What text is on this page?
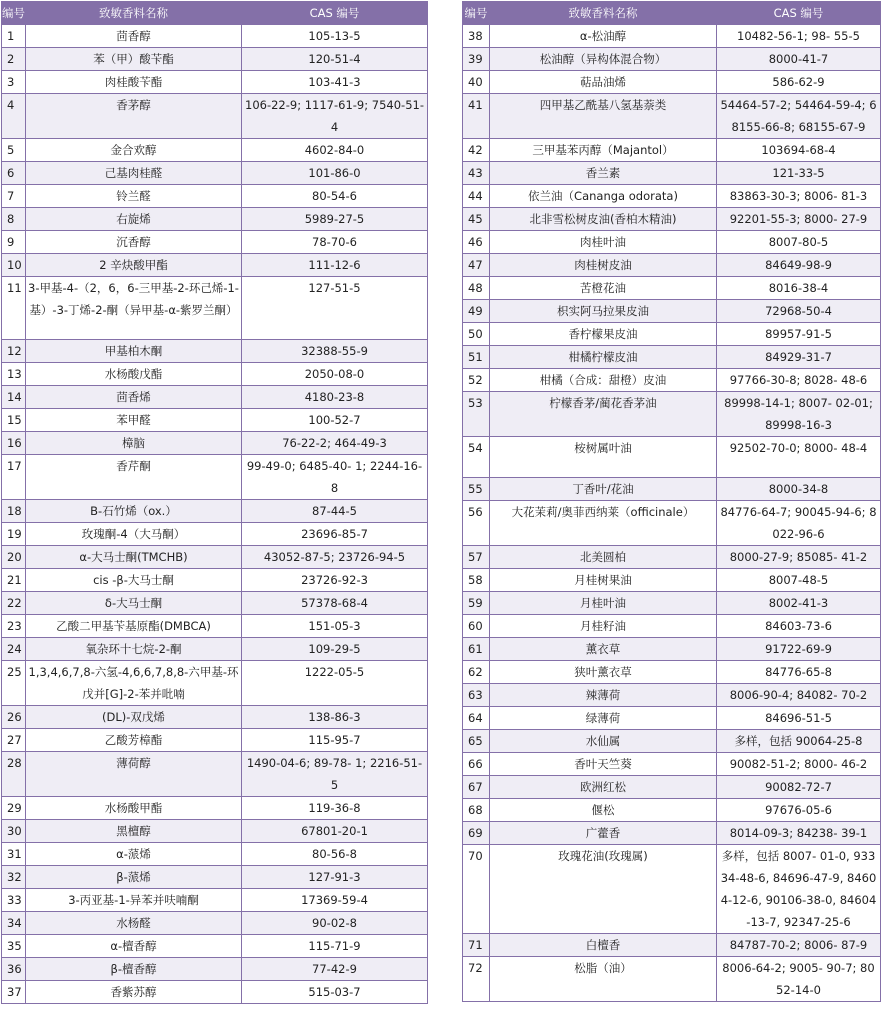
编号	致敏香料名称	CAS 编号
1	茴香醇	105-13-5
2	苯（甲）酸苄酯	120-51-4
3	肉桂酸苄酯	103-41-3
4	香茅醇	106-22-9; 1117-61-9; 7540-51-4
5	金合欢醇	4602-84-0
6	己基肉桂醛	101-86-0
7	铃兰醛	80-54-6
8	右旋烯	5989-27-5
9	沉香醇	78-70-6
10	2 辛炔酸甲酯	111-12-6
11	3-甲基-4-（2，6，6-三甲基-2-环己烯-1-基）-3-丁烯-2-酮（异甲基-α-紫罗兰酮）	127-51-5
12	甲基柏木酮	32388-55-9
13	水杨酸戊酯	2050-08-0
14	茴香烯	4180-23-8
15	苯甲醛	100-52-7
16	樟脑	76-22-2; 464-49-3
17	香芹酮	99-49-0; 6485-40- 1; 2244-16-8
18	B-石竹烯（ox.）	87-44-5
19	玫瑰酮-4（大马酮）	23696-85-7
20	α-大马士酮(TMCHB)	43052-87-5; 23726-94-5
21	cis -β-大马士酮	23726-92-3
22	δ-大马士酮	57378-68-4
23	乙酸二甲基苄基原酯(DMBCA)	151-05-3
24	氧杂环十七烷-2-酮	109-29-5
25	1,3,4,6,7,8-六氢-4,6,6,7,8,8-六甲基-环戊并[G]-2-苯并吡喃	1222-05-5
26	(DL)-双戊烯	138-86-3
27	乙酸芳樟酯	115-95-7
28	薄荷醇	1490-04-6; 89-78- 1; 2216-51-5
29	水杨酸甲酯	119-36-8
30	黑檀醇	67801-20-1
31	α-蒎烯	80-56-8
32	β-蒎烯	127-91-3
33	3-丙亚基-1-异苯并呋喃酮	17369-59-4
34	水杨醛	90-02-8
35	α-檀香醇	115-71-9
36	β-檀香醇	77-42-9
37	香紫苏醇	515-03-7
编号	致敏香料名称	CAS 编号
38	α-松油醇	10482-56-1; 98- 55-5
39	松油醇（异构体混合物）	8000-41-7
40	萜品油烯	586-62-9
41	四甲基乙酰基八氢基萘类	54464-57-2; 54464-59-4; 68155-66-8; 68155-67-9
42	三甲基苯丙醇（Majantol）	103694-68-4
43	香兰素	121-33-5
44	依兰油（Cananga odorata)	83863-30-3; 8006- 81-3
45	北非雪松树皮油(香柏木精油)	92201-55-3; 8000- 27-9
46	肉桂叶油	8007-80-5
47	肉桂树皮油	84649-98-9
48	苦橙花油	8016-38-4
49	枳实阿马拉果皮油	72968-50-4
50	香柠檬果皮油	89957-91-5
51	柑橘柠檬皮油	84929-31-7
52	柑橘（合成：甜橙）皮油	97766-30-8; 8028- 48-6
53	柠檬香茅/蔺花香茅油	89998-14-1; 8007- 02-01; 89998-16-3
54	桉树属叶油	92502-70-0; 8000- 48-4
55	丁香叶/花油	8000-34-8
56	大花茉莉/奥菲西纳莱（officinale）	84776-64-7; 90045-94-6; 8022-96-6
57	北美圆柏	8000-27-9; 85085- 41-2
58	月桂树果油	8007-48-5
59	月桂叶油	8002-41-3
60	月桂籽油	84603-73-6
61	薰衣草	91722-69-9
62	狭叶薰衣草	84776-65-8
63	辣薄荷	8006-90-4; 84082- 70-2
64	绿薄荷	84696-51-5
65	水仙属	多样，包括 90064-25-8
66	香叶天竺葵	90082-51-2; 8000- 46-2
67	欧洲红松	90082-72-7
68	偃松	97676-05-6
69	广藿香	8014-09-3; 84238- 39-1
70	玫瑰花油(玫瑰属)	多样，包括 8007- 01-0, 93334-48-6, 84696-47-9, 84604-12-6, 90106-38-0, 84604-13-7, 92347-25-6
71	白檀香	84787-70-2; 8006- 87-9
72	松脂（油）	8006-64-2; 9005- 90-7; 8052-14-0
